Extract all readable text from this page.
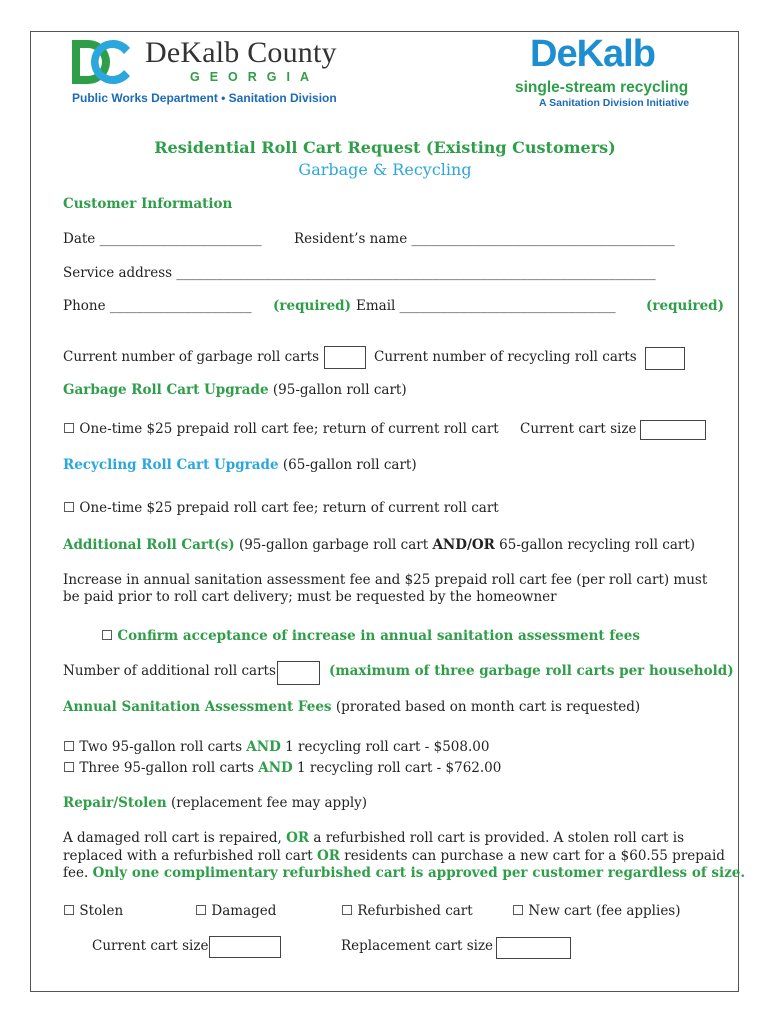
DeKalb County
GEORGIA
Public Works Department • Sanitation Division
DeKalb
single-stream recycling
A Sanitation Division Initiative
Residential Roll Cart Request (Existing Customers)
Garbage & Recycling
Customer Information
Date ________________________ Resident’s name _______________________________________
Service address _______________________________________________________________________
Phone _____________________ (required) Email ________________________________ (required)
Current number of garbage roll carts	Current number of recycling roll carts
Garbage Roll Cart Upgrade (95-gallon roll cart)
☐ One-time $25 prepaid roll cart fee; return of current roll cart Current cart size
Recycling Roll Cart Upgrade (65-gallon roll cart)
☐ One-time $25 prepaid roll cart fee; return of current roll cart
Additional Roll Cart(s) (95-gallon garbage roll cart AND/OR 65-gallon recycling roll cart)
Increase in annual sanitation assessment fee and $25 prepaid roll cart fee (per roll cart) must
be paid prior to roll cart delivery; must be requested by the homeowner
☐ Confirm acceptance of increase in annual sanitation assessment fees
Number of additional roll carts	(maximum of three garbage roll carts per household)
Annual Sanitation Assessment Fees (prorated based on month cart is requested)
☐ Two 95-gallon roll carts AND 1 recycling roll cart - $508.00
☐ Three 95-gallon roll carts AND 1 recycling roll cart - $762.00
Repair/Stolen (replacement fee may apply)
A damaged roll cart is repaired, OR a refurbished roll cart is provided. A stolen roll cart is
replaced with a refurbished roll cart OR residents can purchase a new cart for a $60.55 prepaid
fee. Only one complimentary refurbished cart is approved per customer regardless of size.
☐ Stolen	☐ Damaged	☐ Refurbished cart	☐ New cart (fee applies)
Current cart size	Replacement cart size
